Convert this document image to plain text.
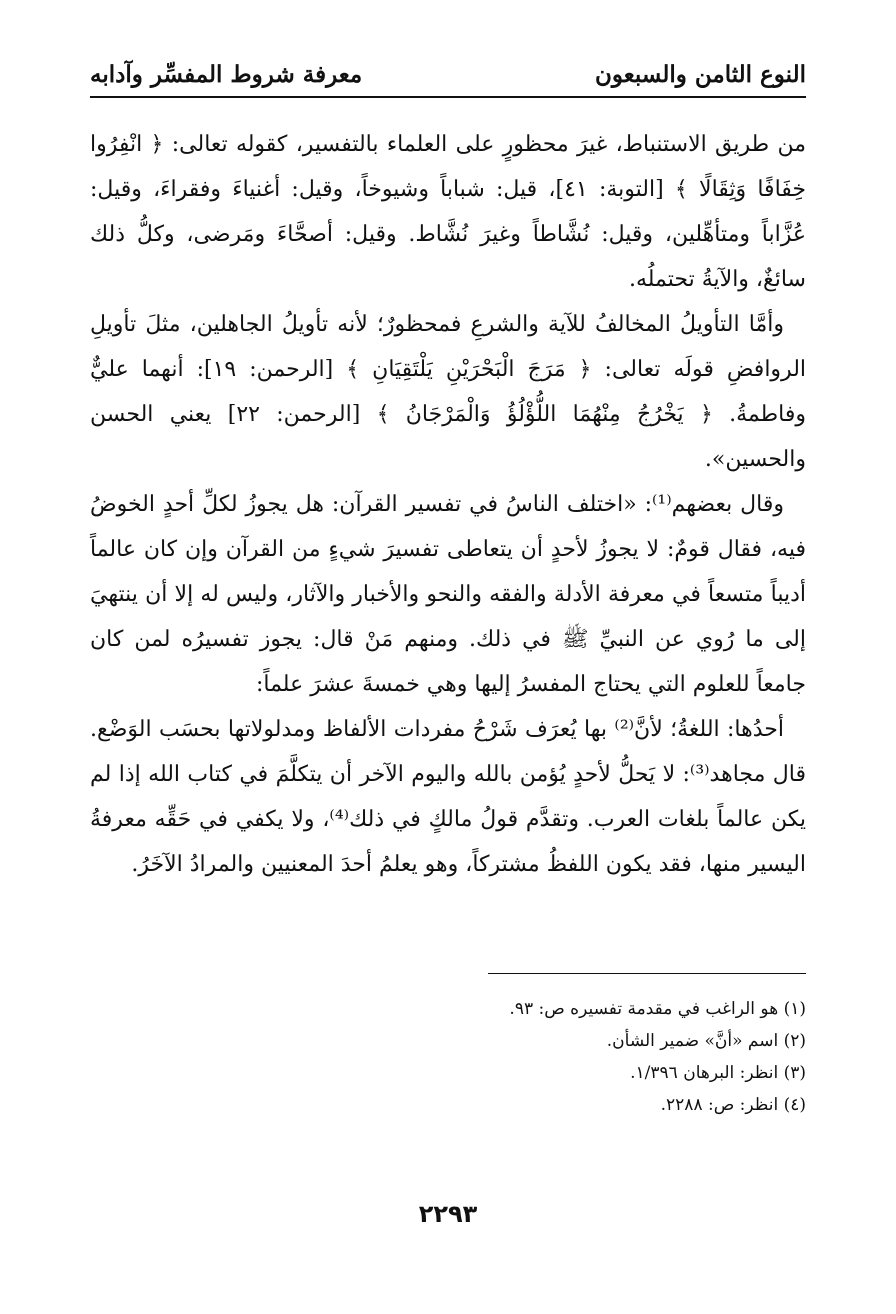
النوع الثامن والسبعون
معرفة شروط المفسِّر وآدابه

من طريق الاستنباط، غيرَ محظورٍ على العلماء بالتفسير، كقوله تعالى: ﴿ انْفِرُوا خِفَافًا وَثِقَالًا ﴾ [التوبة: ٤١]، قيل: شباباً وشيوخاً، وقيل: أغنياءَ وفقراءَ، وقيل: عُزَّاباً ومتأهِّلين، وقيل: نُشَّاطاً وغيرَ نُشَّاط. وقيل: أصحَّاءَ ومَرضى، وكلُّ ذلك سائغٌ، والآيةُ تحتملُه.

وأمَّا التأويلُ المخالفُ للآية والشرعِ فمحظورٌ؛ لأنه تأويلُ الجاهلين، مثلَ تأويلِ الروافضِ قولَه تعالى: ﴿ مَرَجَ الْبَحْرَيْنِ يَلْتَقِيَانِ ﴾ [الرحمن: ١٩]: أنهما عليٌّ وفاطمةُ. ﴿ يَخْرُجُ مِنْهُمَا اللُّؤْلُؤُ وَالْمَرْجَانُ ﴾ [الرحمن: ٢٢] يعني الحسن والحسين».

وقال بعضهم⁽¹⁾: «اختلف الناسُ في تفسير القرآن: هل يجوزُ لكلِّ أحدٍ الخوضُ فيه، فقال قومٌ: لا يجوزُ لأحدٍ أن يتعاطى تفسيرَ شيءٍ من القرآن وإن كان عالماً أديباً متسعاً في معرفة الأدلة والفقه والنحو والأخبار والآثار، وليس له إلا أن ينتهيَ إلى ما رُوي عن النبيِّ ﷺ في ذلك. ومنهم مَنْ قال: يجوز تفسيرُه لمن كان جامعاً للعلوم التي يحتاج المفسرُ إليها وهي خمسةَ عشرَ علماً:

أحدُها: اللغةُ؛ لأنَّ⁽²⁾ بها يُعرَف شَرْحُ مفردات الألفاظ ومدلولاتها بحسَب الوَضْع. قال مجاهد⁽³⁾: لا يَحلُّ لأحدٍ يُؤمن بالله واليوم الآخر أن يتكلَّمَ في كتاب الله إذا لم يكن عالماً بلغات العرب. وتقدَّم قولُ مالكٍ في ذلك⁽⁴⁾، ولا يكفي في حَقِّه معرفةُ اليسير منها، فقد يكون اللفظُ مشتركاً، وهو يعلمُ أحدَ المعنيين والمرادُ الآخَرُ.

(١) هو الراغب في مقدمة تفسيره ص: ٩٣.

(٢) اسم «أنَّ» ضمير الشأن.

(٣) انظر: البرهان ١/٣٩٦.

(٤) انظر: ص: ٢٢٨٨.

٢٢٩٣
